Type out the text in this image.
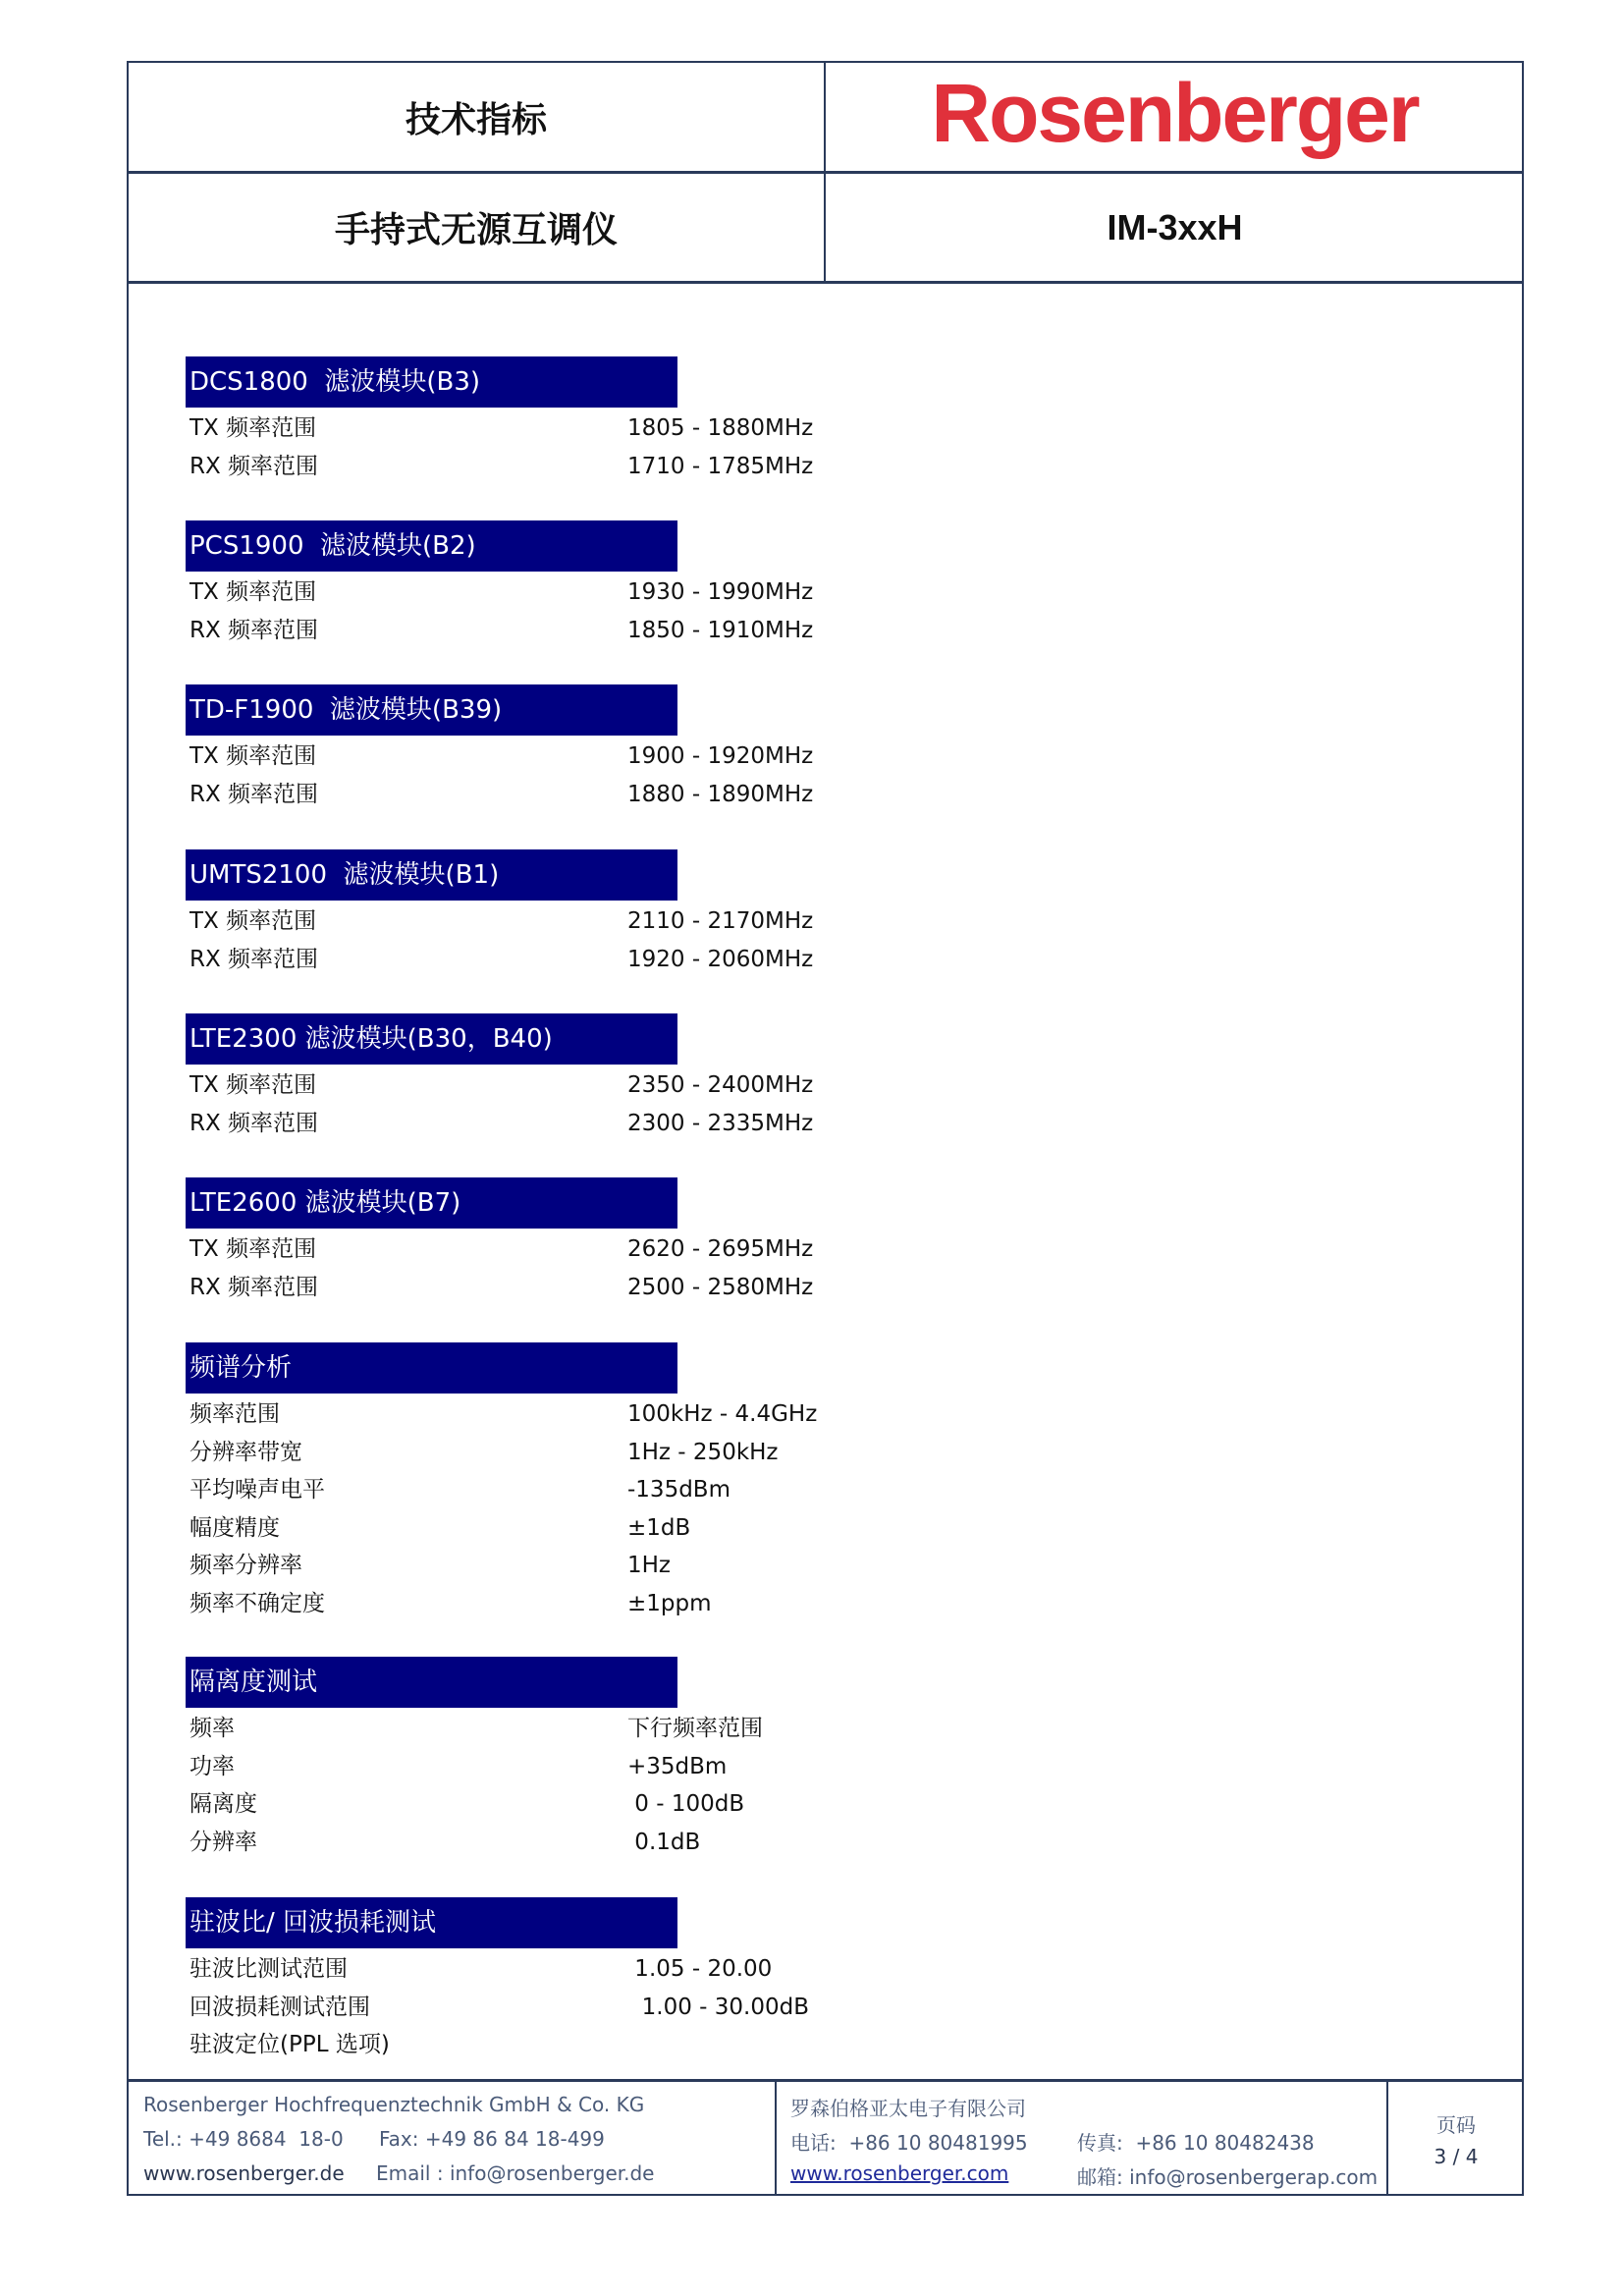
技术指标	Rosenberger
手持式无源互调仪	IM-3xxH
DCS1800  滤波模块(B3)
TX 频率范围	1805 - 1880MHz
RX 频率范围	1710 - 1785MHz
PCS1900  滤波模块(B2)
TX 频率范围	1930 - 1990MHz
RX 频率范围	1850 - 1910MHz
TD-F1900  滤波模块(B39)
TX 频率范围	1900 - 1920MHz
RX 频率范围	1880 - 1890MHz
UMTS2100  滤波模块(B1)
TX 频率范围	2110 - 2170MHz
RX 频率范围	1920 - 2060MHz
LTE2300 滤波模块(B30，B40)
TX 频率范围	2350 - 2400MHz
RX 频率范围	2300 - 2335MHz
LTE2600 滤波模块(B7)
TX 频率范围	2620 - 2695MHz
RX 频率范围	2500 - 2580MHz
频谱分析
频率范围	100kHz - 4.4GHz
分辨率带宽	1Hz - 250kHz
平均噪声电平	-135dBm
幅度精度	±1dB
频率分辨率	1Hz
频率不确定度	±1ppm
隔离度测试
频率	下行频率范围
功率	+35dBm
隔离度	0 - 100dB
分辨率	0.1dB
驻波比/ 回波损耗测试
驻波比测试范围	1.05 - 20.00
回波损耗测试范围	1.00 - 30.00dB
驻波定位(PPL 选项)
Rosenberger Hochfrequenztechnik GmbH & Co. KG
Tel.: +49 8684  18-0 Fax: +49 86 84 18-499
www.rosenberger.de Email : info@rosenberger.de
罗森伯格亚太电子有限公司
电话:  +86 10 80481995	传真:  +86 10 80482438
www.rosenberger.com	邮箱: info@rosenbergerap.com
页码
3 / 4
